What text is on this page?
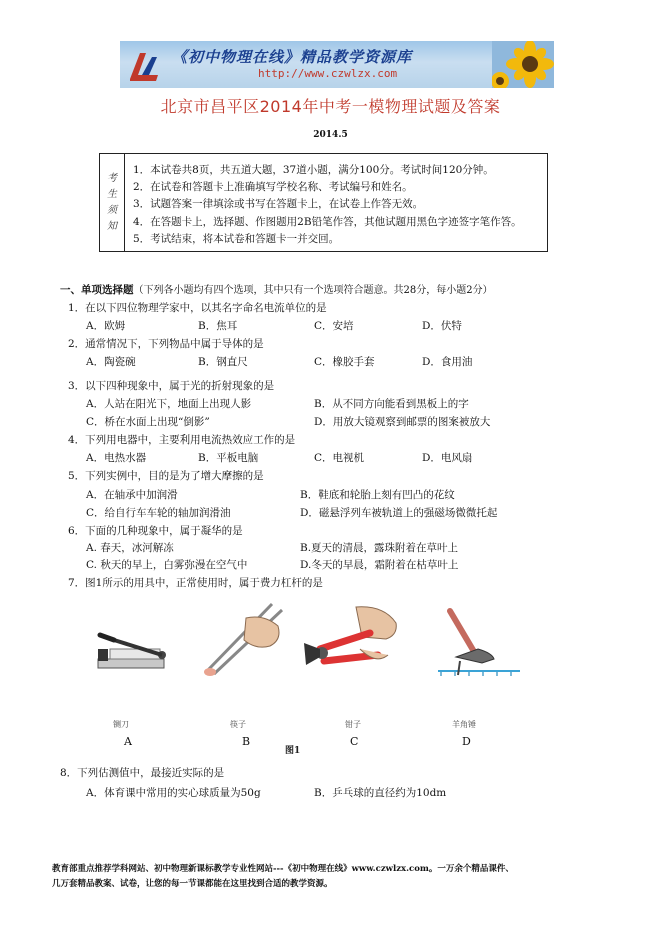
《初中物理在线》精品教学资源库
http://www.czwlzx.com
北京市昌平区2014年中考一模物理试题及答案
2014.5
考
生
须
知
1．本试卷共8页，共五道大题，37道小题，满分100分。考试时间120分钟。
2．在试卷和答题卡上准确填写学校名称、考试编号和姓名。
3．试题答案一律填涂或书写在答题卡上，在试卷上作答无效。
4．在答题卡上，选择题、作图题用2B铅笔作答，其他试题用黑色字迹签字笔作答。
5．考试结束，将本试卷和答题卡一并交回。
一、单项选择题（下列各小题均有四个选项，其中只有一个选项符合题意。共28分，每小题2分）
1．在以下四位物理学家中，以其名字命名电流单位的是
A．欧姆	B．焦耳	C．安培	D．伏特
2．通常情况下，下列物品中属于导体的是
A．陶瓷碗	B．钢直尺	C．橡胶手套	D．食用油
3．以下四种现象中，属于光的折射现象的是
A．人站在阳光下，地面上出现人影	B．从不同方向能看到黑板上的字
C．桥在水面上出现“倒影”	D．用放大镜观察到邮票的图案被放大
4．下列用电器中，主要利用电流热效应工作的是
A．电热水器	B．平板电脑	C．电视机	D．电风扇
5．下列实例中，目的是为了增大摩擦的是
A．在轴承中加润滑	B．鞋底和轮胎上刻有凹凸的花纹
C．给自行车车轮的轴加润滑油	D．磁悬浮列车被轨道上的强磁场微微托起
6．下面的几种现象中，属于凝华的是
A. 春天，冰河解冻	B.夏天的清晨，露珠附着在草叶上
C. 秋天的早上，白雾弥漫在空气中	D.冬天的早晨，霜附着在枯草叶上
7．图1所示的用具中，正常使用时，属于费力杠杆的是
铡刀	筷子	钳子	羊角锤
A	B	C	D
图1
8．下列估测值中，最接近实际的是
A．体育课中常用的实心球质量为50g	B．乒乓球的直径约为10dm
教育部重点推荐学科网站、初中物理新课标教学专业性网站---《初中物理在线》www.czwlzx.com。一万余个精品课件、
几万套精品教案、试卷，让您的每一节课都能在这里找到合适的教学资源。
